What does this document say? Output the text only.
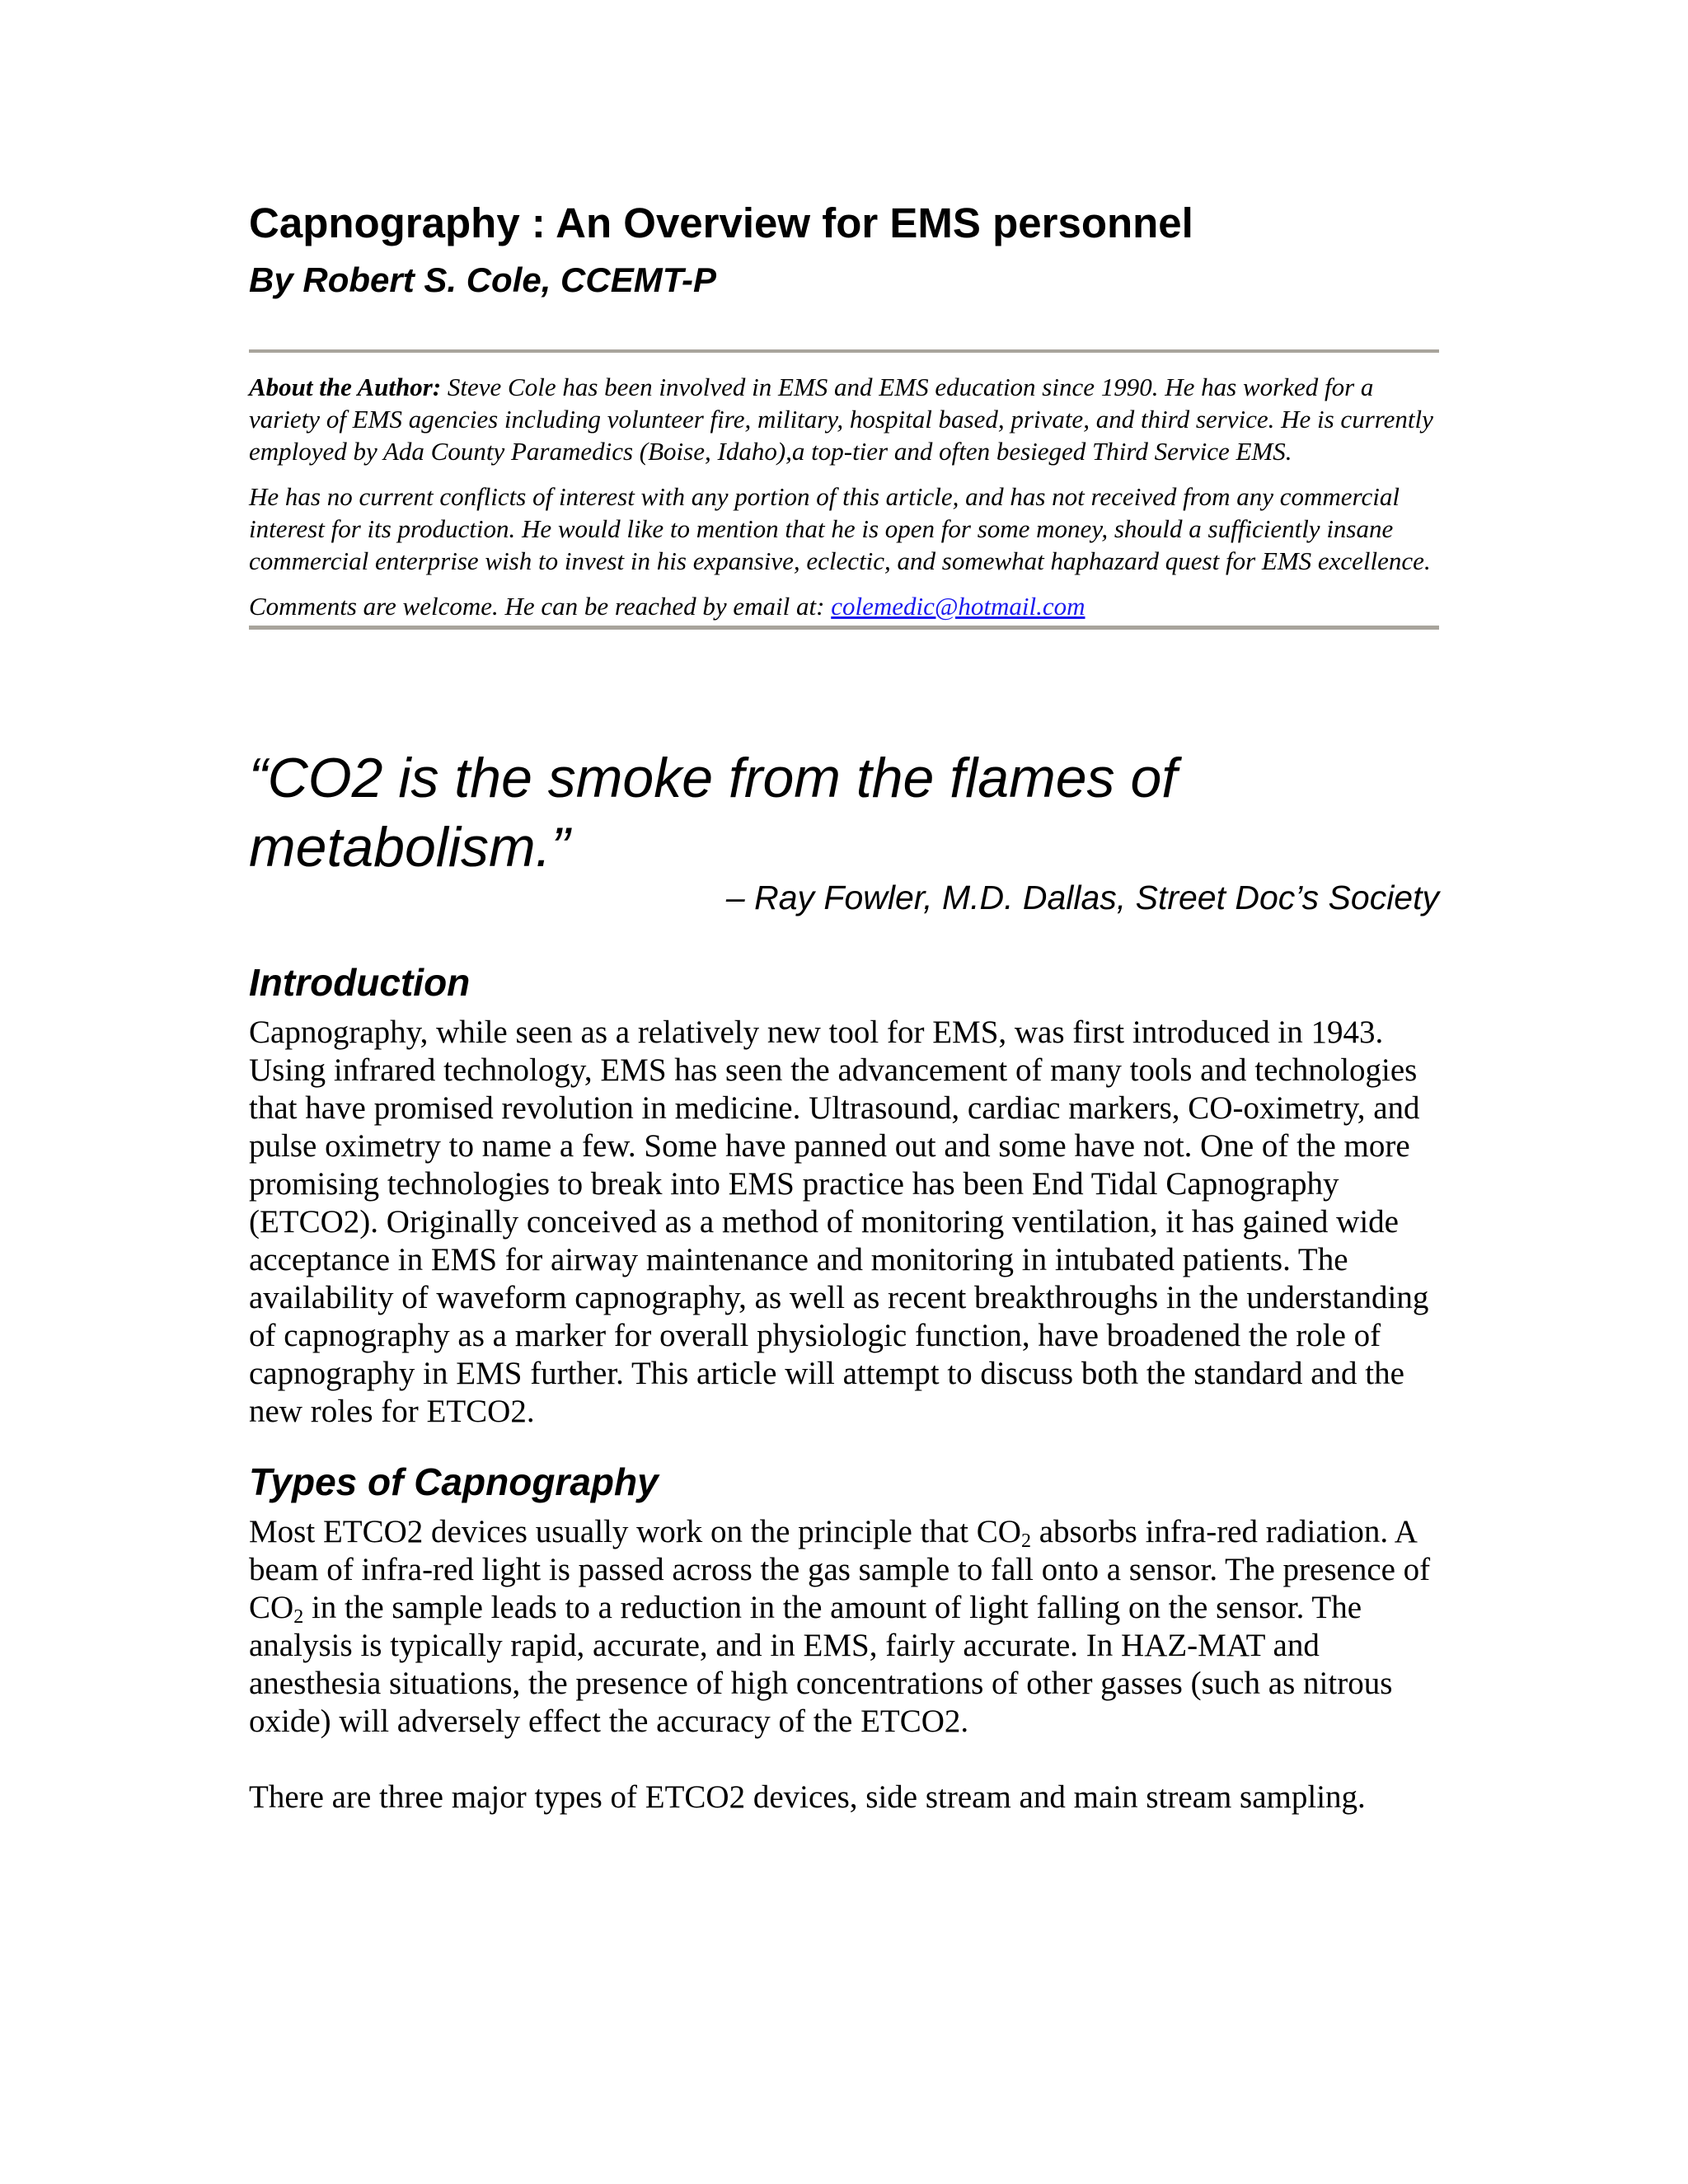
Capnography : An Overview for EMS personnel
By Robert S. Cole, CCEMT-P

About the Author: Steve Cole has been involved in EMS and EMS education since 1990. He has worked for a variety of EMS agencies including volunteer fire, military, hospital based, private, and third service. He is currently employed by Ada County Paramedics (Boise, Idaho),a top-tier and often besieged Third Service EMS.

He has no current conflicts of interest with any portion of this article, and has not received from any commercial interest for its production. He would like to mention that he is open for some money, should a sufficiently insane commercial enterprise wish to invest in his expansive, eclectic, and somewhat haphazard quest for EMS excellence.

Comments are welcome. He can be reached by email at: colemedic@hotmail.com

“CO2 is the smoke from the flames of metabolism.”
– Ray Fowler, M.D. Dallas, Street Doc’s Society
Introduction

Capnography, while seen as a relatively new tool for EMS, was first introduced in 1943. Using infrared technology, EMS has seen the advancement of many tools and technologies that have promised revolution in medicine. Ultrasound, cardiac markers, CO-oximetry, and pulse oximetry to name a few. Some have panned out and some have not. One of the more promising technologies to break into EMS practice has been End Tidal Capnography (ETCO2). Originally conceived as a method of monitoring ventilation, it has gained wide acceptance in EMS for airway maintenance and monitoring in intubated patients. The availability of waveform capnography, as well as recent breakthroughs in the understanding of capnography as a marker for overall physiologic function, have broadened the role of capnography in EMS further. This article will attempt to discuss both the standard and the new roles for ETCO2.

Types of Capnography

Most ETCO2 devices usually work on the principle that $CO_2$ absorbs infra-red radiation. A beam of infra-red light is passed across the gas sample to fall onto a sensor. The presence of $CO_2$ in the sample leads to a reduction in the amount of light falling on the sensor. The analysis is typically rapid, accurate, and in EMS, fairly accurate. In HAZ-MAT and anesthesia situations, the presence of high concentrations of other gasses (such as nitrous oxide) will adversely effect the accuracy of the ETCO2.

There are three major types of ETCO2 devices, side stream and main stream sampling.
